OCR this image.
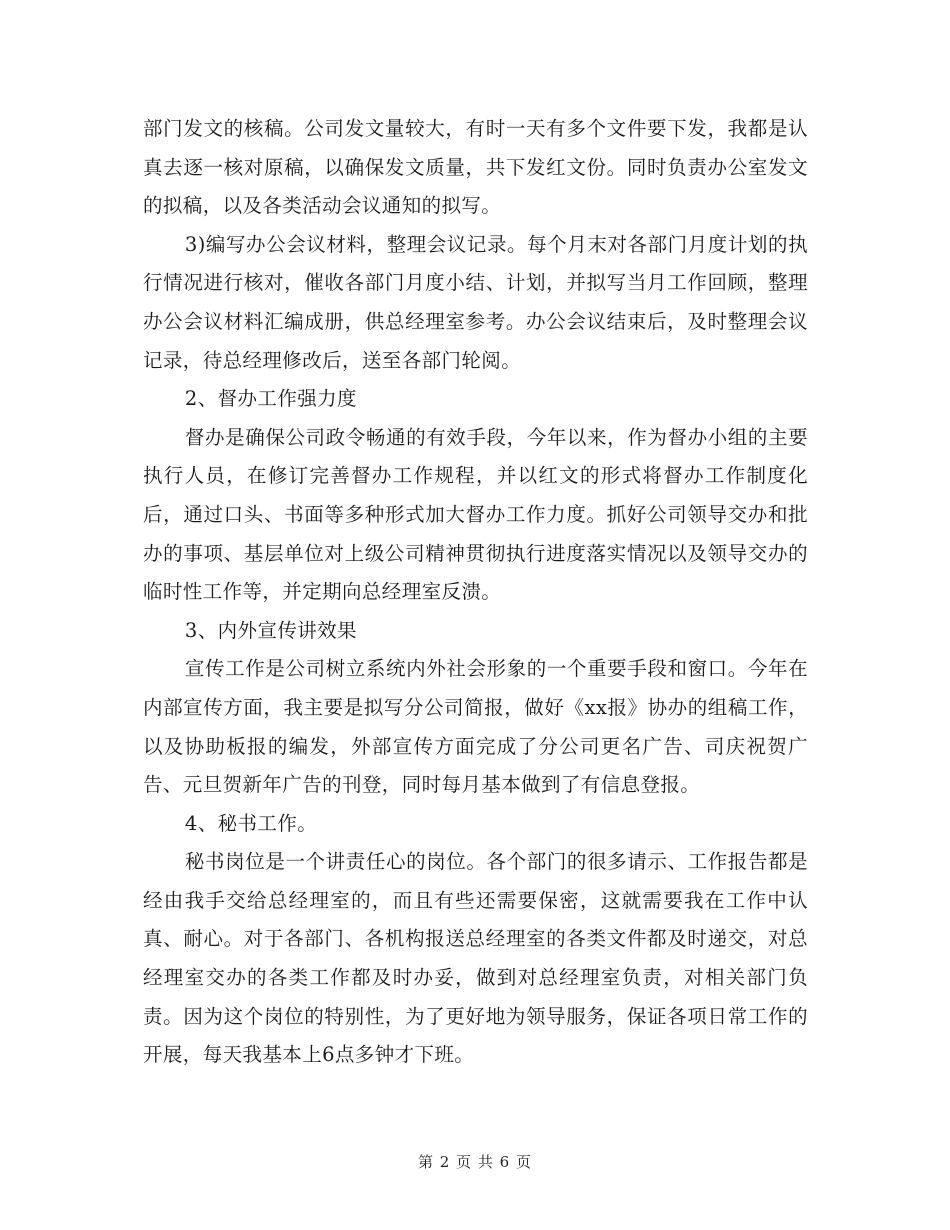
部门发文的核稿。公司发文量较大，有时一天有多个文件要下发，我都是认真去逐一核对原稿，以确保发文质量，共下发红文份。同时负责办公室发文的拟稿，以及各类活动会议通知的拟写。

3)编写办公会议材料，整理会议记录。每个月末对各部门月度计划的执行情况进行核对，催收各部门月度小结、计划，并拟写当月工作回顾，整理办公会议材料汇编成册，供总经理室参考。办公会议结束后，及时整理会议记录，待总经理修改后，送至各部门轮阅。

2、督办工作强力度

督办是确保公司政令畅通的有效手段，今年以来，作为督办小组的主要执行人员，在修订完善督办工作规程，并以红文的形式将督办工作制度化后，通过口头、书面等多种形式加大督办工作力度。抓好公司领导交办和批办的事项、基层单位对上级公司精神贯彻执行进度落实情况以及领导交办的临时性工作等，并定期向总经理室反溃。

3、内外宣传讲效果

宣传工作是公司树立系统内外社会形象的一个重要手段和窗口。今年在内部宣传方面，我主要是拟写分公司简报，做好《xx报》协办的组稿工作，以及协助板报的编发，外部宣传方面完成了分公司更名广告、司庆祝贺广告、元旦贺新年广告的刊登，同时每月基本做到了有信息登报。

4、秘书工作。

秘书岗位是一个讲责任心的岗位。各个部门的很多请示、工作报告都是经由我手交给总经理室的，而且有些还需要保密，这就需要我在工作中认真、耐心。对于各部门、各机构报送总经理室的各类文件都及时递交，对总经理室交办的各类工作都及时办妥，做到对总经理室负责，对相关部门负责。因为这个岗位的特别性，为了更好地为领导服务，保证各项日常工作的开展，每天我基本上6点多钟才下班。

第 2 页 共 6 页
